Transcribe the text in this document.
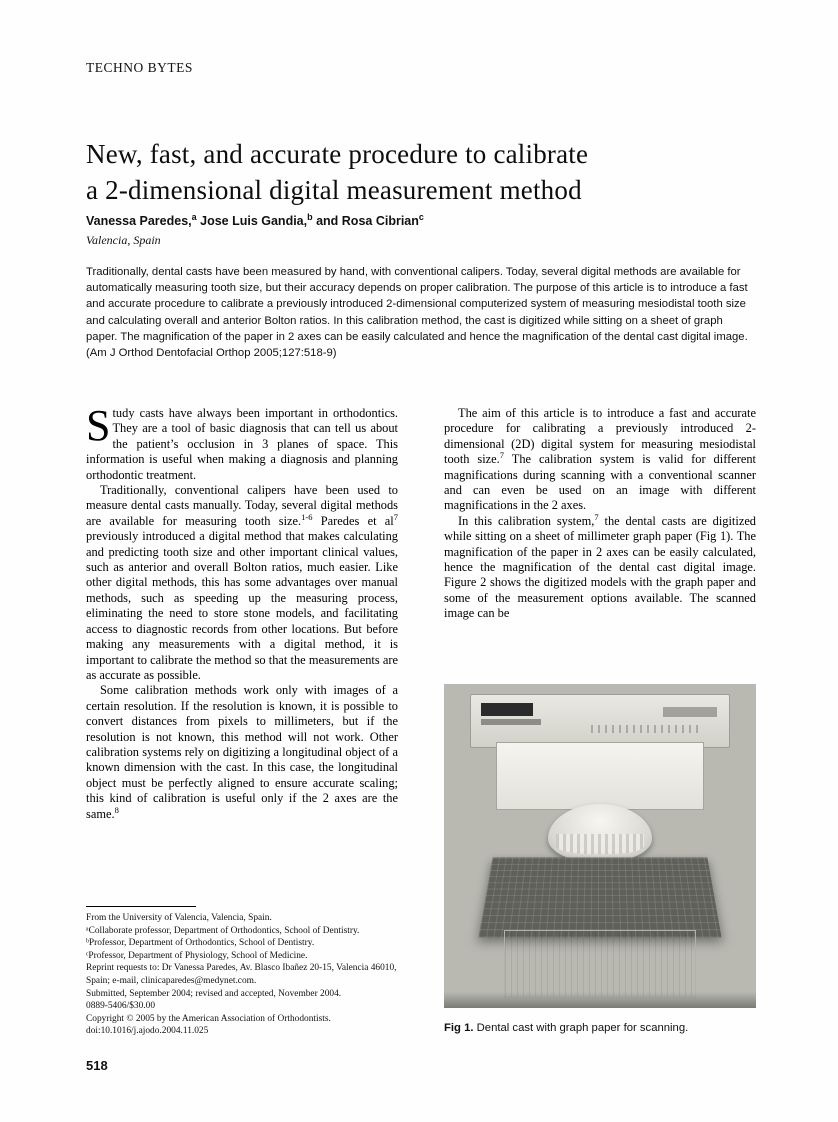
TECHNO BYTES
New, fast, and accurate procedure to calibrate
a 2-dimensional digital measurement method
Vanessa Paredes,$^a$ Jose Luis Gandia,$^b$ and Rosa Cibrian$^c$
Valencia, Spain
Traditionally, dental casts have been measured by hand, with conventional calipers. Today, several digital methods are available for automatically measuring tooth size, but their accuracy depends on proper calibration. The purpose of this article is to introduce a fast and accurate procedure to calibrate a previously introduced 2-dimensional computerized system of measuring mesiodistal tooth size and calculating overall and anterior Bolton ratios. In this calibration method, the cast is digitized while sitting on a sheet of graph paper. The magnification of the paper in 2 axes can be easily calculated and hence the magnification of the dental cast digital image. (Am J Orthod Dentofacial Orthop 2005;127:518-9)

Study casts have always been important in orthodontics. They are a tool of basic diagnosis that can tell us about the patient’s occlusion in 3 planes of space. This information is useful when making a diagnosis and planning orthodontic treatment.

Traditionally, conventional calipers have been used to measure dental casts manually. Today, several digital methods are available for measuring tooth size.$^{1-6}$ Paredes et $al^7$ previously introduced a digital method that makes calculating and predicting tooth size and other important clinical values, such as anterior and overall Bolton ratios, much easier. Like other digital methods, this has some advantages over manual methods, such as speeding up the measuring process, eliminating the need to store stone models, and facilitating access to diagnostic records from other locations. But before making any measurements with a digital method, it is important to calibrate the method so that the measurements are as accurate as possible.

Some calibration methods work only with images of a certain resolution. If the resolution is known, it is possible to convert distances from pixels to millimeters, but if the resolution is not known, this method will not work. Other calibration systems rely on digitizing a longitudinal object of a known dimension with the cast. In this case, the longitudinal object must be perfectly aligned to ensure accurate scaling; this kind of calibration is useful only if the 2 axes are the same.$^8$

The aim of this article is to introduce a fast and accurate procedure for calibrating a previously introduced 2-dimensional (2D) digital system for measuring mesiodistal tooth size.$^7$ The calibration system is valid for different magnifications during scanning with a conventional scanner and can even be used on an image with different magnifications in the 2 axes.

In this calibration system,$^7$ the dental casts are digitized while sitting on a sheet of millimeter graph paper (Fig 1). The magnification of the paper in 2 axes can be easily calculated, hence the magnification of the dental cast digital image. Figure 2 shows the digitized models with the graph paper and some of the measurement options available. The scanned image can be

Fig 1. Dental cast with graph paper for scanning.
From the University of Valencia, Valencia, Spain.
ᵃCollaborate professor, Department of Orthodontics, School of Dentistry.
ᵇProfessor, Department of Orthodontics, School of Dentistry.
ᶜProfessor, Department of Physiology, School of Medicine.
Reprint requests to: Dr Vanessa Paredes, Av. Blasco Ibañez 20-15, Valencia 46010, Spain; e-mail, clinicaparedes@medynet.com.
Submitted, September 2004; revised and accepted, November 2004.
0889-5406/$30.00
Copyright © 2005 by the American Association of Orthodontists.
doi:10.1016/j.ajodo.2004.11.025
518
